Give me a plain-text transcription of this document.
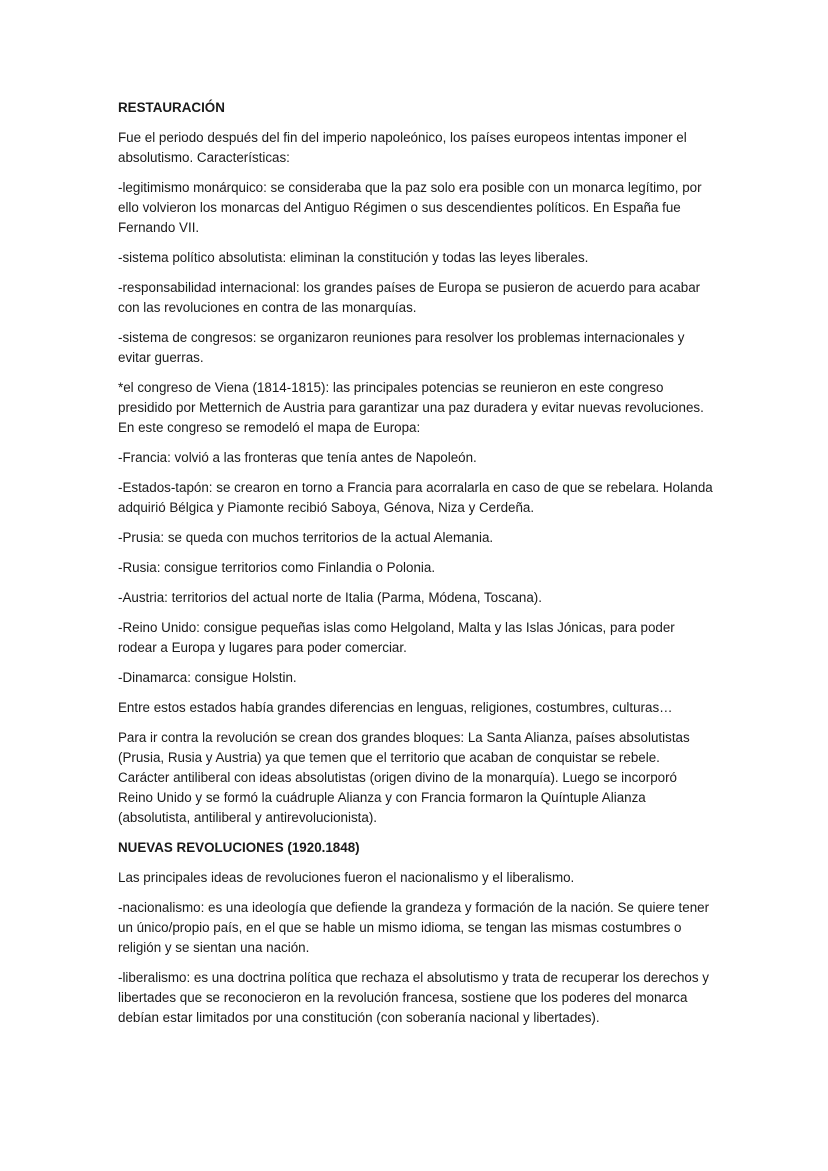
RESTAURACIÓN

Fue el periodo después del fin del imperio napoleónico, los países europeos intentas imponer el absolutismo. Características:

-legitimismo monárquico: se consideraba que la paz solo era posible con un monarca legítimo, por ello volvieron los monarcas del Antiguo Régimen o sus descendientes políticos. En España fue Fernando VII.

-sistema político absolutista: eliminan la constitución y todas las leyes liberales.

-responsabilidad internacional: los grandes países de Europa se pusieron de acuerdo para acabar con las revoluciones en contra de las monarquías.

-sistema de congresos: se organizaron reuniones para resolver los problemas internacionales y evitar guerras.

*el congreso de Viena (1814-1815): las principales potencias se reunieron en este congreso presidido por Metternich de Austria para garantizar una paz duradera y evitar nuevas revoluciones. En este congreso se remodeló el mapa de Europa:

-Francia: volvió a las fronteras que tenía antes de Napoleón.

-Estados-tapón: se crearon en torno a Francia para acorralarla en caso de que se rebelara. Holanda adquirió Bélgica y Piamonte recibió Saboya, Génova, Niza y Cerdeña.

-Prusia: se queda con muchos territorios de la actual Alemania.

-Rusia: consigue territorios como Finlandia o Polonia.

-Austria: territorios del actual norte de Italia (Parma, Módena, Toscana).

-Reino Unido: consigue pequeñas islas como Helgoland, Malta y las Islas Jónicas, para poder rodear a Europa y lugares para poder comerciar.

-Dinamarca: consigue Holstin.

Entre estos estados había grandes diferencias en lenguas, religiones, costumbres, culturas…

Para ir contra la revolución se crean dos grandes bloques: La Santa Alianza, países absolutistas (Prusia, Rusia y Austria) ya que temen que el territorio que acaban de conquistar se rebele. Carácter antiliberal con ideas absolutistas (origen divino de la monarquía). Luego se incorporó Reino Unido y se formó la cuádruple Alianza y con Francia formaron la Quíntuple Alianza (absolutista, antiliberal y antirevolucionista).

NUEVAS REVOLUCIONES (1920.1848)

Las principales ideas de revoluciones fueron el nacionalismo y el liberalismo.

-nacionalismo: es una ideología que defiende la grandeza y formación de la nación. Se quiere tener un único/propio país, en el que se hable un mismo idioma, se tengan las mismas costumbres o religión y se sientan una nación.

-liberalismo: es una doctrina política que rechaza el absolutismo y trata de recuperar los derechos y libertades que se reconocieron en la revolución francesa, sostiene que los poderes del monarca debían estar limitados por una constitución (con soberanía nacional y libertades).
